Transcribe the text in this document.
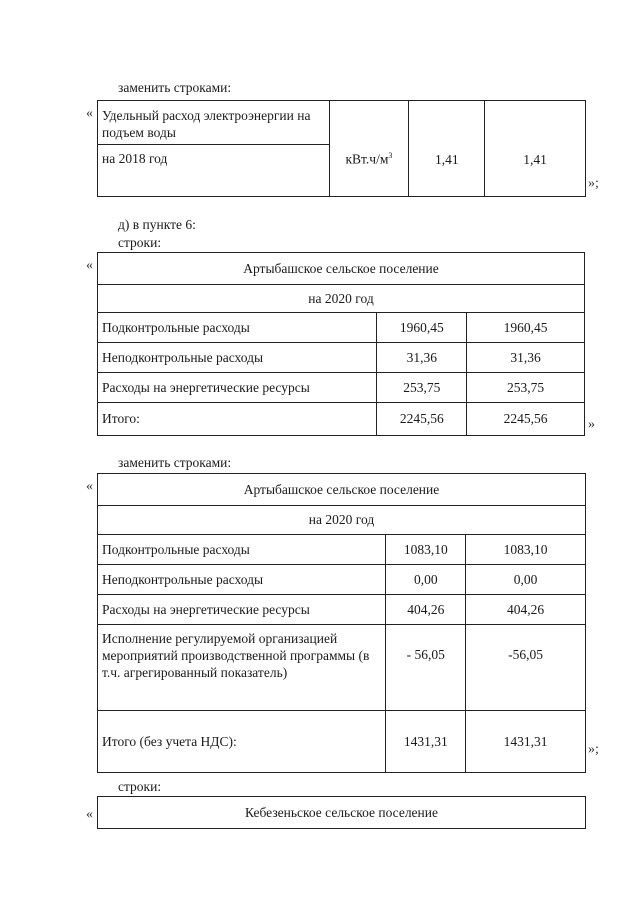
заменить строками:
« Удельный расход электроэнергии на подъем воды	$кВт.ч/м^3$	1,41	1,41
на 2018 год
»;
д) в пункте 6:
строки:
«	Артыбашское сельское поселение		
на 2020 год		
Подконтрольные расходы	1960,45	1960,45
Неподконтрольные расходы	31,36	31,36
Расходы на энергетические ресурсы	253,75	253,75
Итого:	2245,56	2245,56	»
заменить строками:
«	Артыбашское сельское поселение		
на 2020 год		
Подконтрольные расходы	1083,10	1083,10
Неподконтрольные расходы	0,00	0,00
Расходы на энергетические ресурсы	404,26	404,26
Исполнение регулируемой организацией мероприятий производственной программы (в т.ч. агрегированный показатель)	- 56,05	-56,05
Итого (без учета НДС):	1431,31	1431,31
»;
строки:
«	Кебезеньское сельское поселение
